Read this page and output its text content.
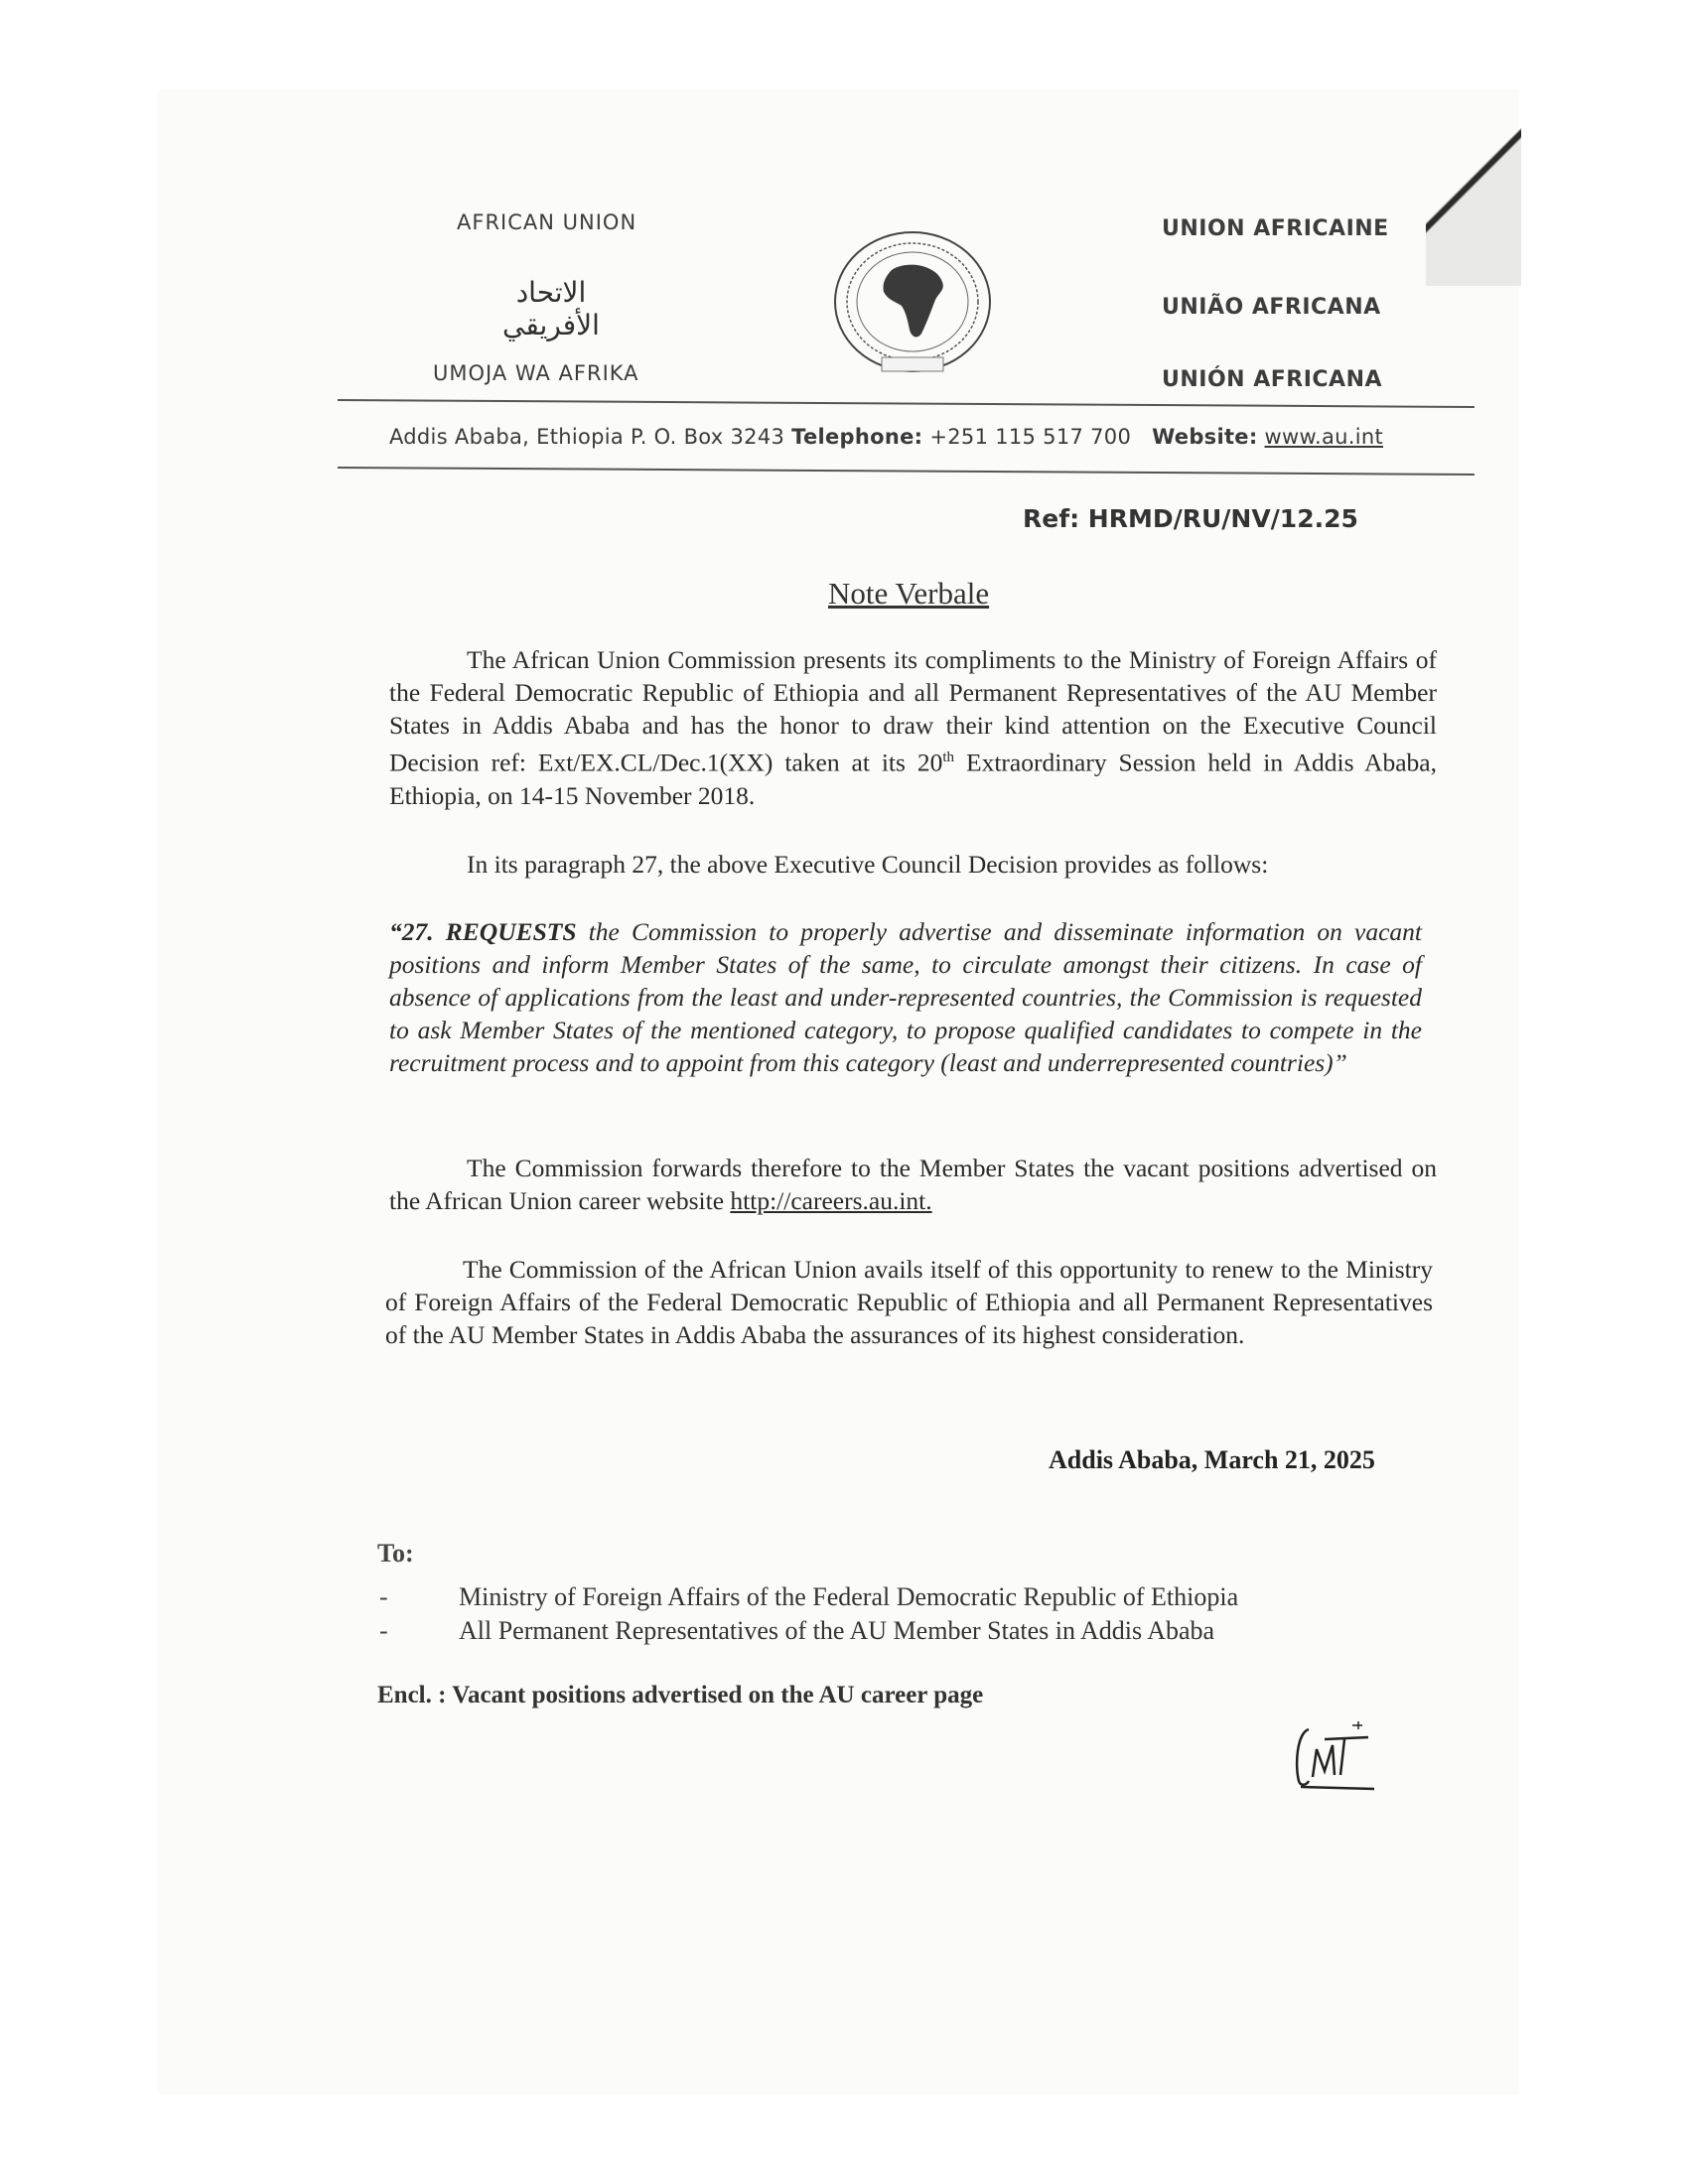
AFRICAN UNION
الاتحاد الأفريقي
UMOJA WA AFRIKA
UNION AFRICAINE
UNIÃO AFRICANA
UNIÓN AFRICANA
Addis Ababa, Ethiopia P. O. Box 3243 Telephone: +251 115 517 700 Website: www.au.int
Ref: HRMD/RU/NV/12.25
Note Verbale
The African Union Commission presents its compliments to the Ministry of Foreign Affairs of the Federal Democratic Republic of Ethiopia and all Permanent Representatives of the AU Member States in Addis Ababa and has the honor to draw their kind attention on the Executive Council Decision ref: Ext/EX.CL/Dec.1(XX) taken at its 20th Extraordinary Session held in Addis Ababa, Ethiopia, on 14-15 November 2018.
In its paragraph 27, the above Executive Council Decision provides as follows:
“27. REQUESTS the Commission to properly advertise and disseminate information on vacant positions and inform Member States of the same, to circulate amongst their citizens. In case of absence of applications from the least and under-represented countries, the Commission is requested to ask Member States of the mentioned category, to propose qualified candidates to compete in the recruitment process and to appoint from this category (least and underrepresented countries)”
The Commission forwards therefore to the Member States the vacant positions advertised on the African Union career website http://careers.au.int.
The Commission of the African Union avails itself of this opportunity to renew to the Ministry of Foreign Affairs of the Federal Democratic Republic of Ethiopia and all Permanent Representatives of the AU Member States in Addis Ababa the assurances of its highest consideration.
Addis Ababa, March 21, 2025
To:
-	Ministry of Foreign Affairs of the Federal Democratic Republic of Ethiopia
-	All Permanent Representatives of the AU Member States in Addis Ababa
Encl. : Vacant positions advertised on the AU career page
